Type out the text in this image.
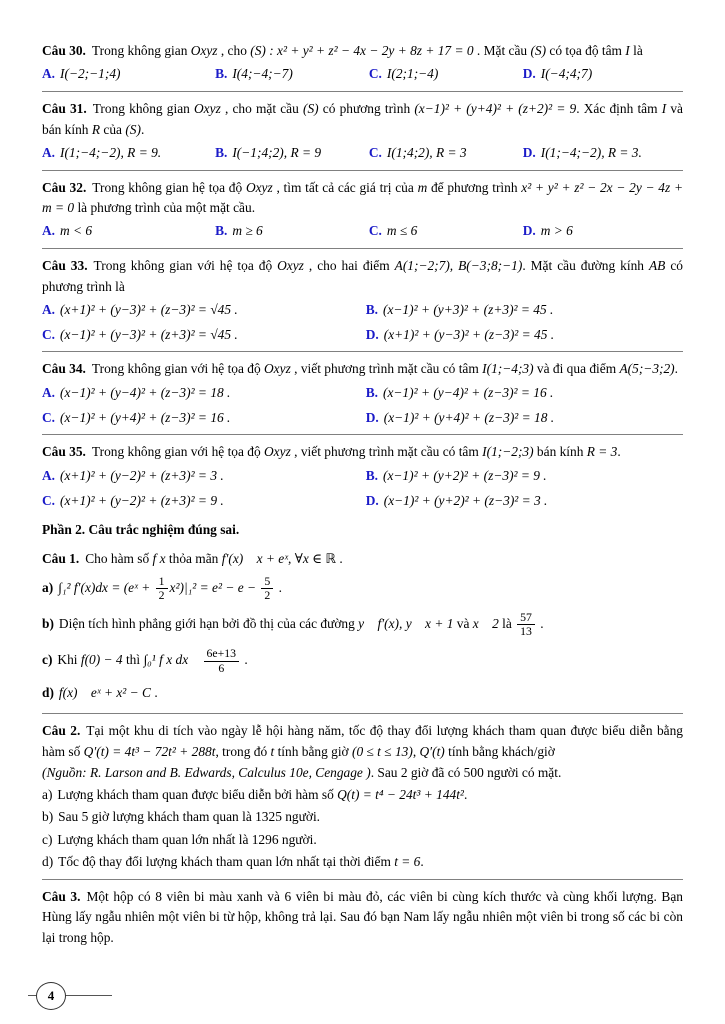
Câu 30. Trong không gian Oxyz , cho (S) : x² + y² + z² − 4x − 2y + 8z + 17 = 0 . Mặt cầu (S) có tọa độ tâm I là

A. I(−2;−1;4)	B. I(4;−4;−7)	C. I(2;1;−4)	D. I(−4;4;7)

Câu 31. Trong không gian Oxyz , cho mặt cầu (S) có phương trình (x−1)² + (y+4)² + (z+2)² = 9. Xác định tâm I và bán kính R của (S).

A. I(1;−4;−2), R = 9.	B. I(−1;4;2), R = 9	C. I(1;4;2), R = 3	D. I(1;−4;−2), R = 3.

Câu 32. Trong không gian hệ tọa độ Oxyz , tìm tất cả các giá trị của m để phương trình x² + y² + z² − 2x − 2y − 4z + m = 0 là phương trình của một mặt cầu.

A. m < 6	B. m ≥ 6	C. m ≤ 6	D. m > 6

Câu 33. Trong không gian với hệ tọa độ Oxyz , cho hai điểm A(1;−2;7), B(−3;8;−1). Mặt cầu đường kính AB có phương trình là

A. (x+1)² + (y−3)² + (z−3)² = √45 .	B. (x−1)² + (y+3)² + (z+3)² = 45 .
C. (x−1)² + (y−3)² + (z+3)² = √45 .	D. (x+1)² + (y−3)² + (z−3)² = 45 .

Câu 34. Trong không gian với hệ tọa độ Oxyz , viết phương trình mặt cầu có tâm I(1;−4;3) và đi qua điểm A(5;−3;2).

A. (x−1)² + (y−4)² + (z−3)² = 18 .	B. (x−1)² + (y−4)² + (z−3)² = 16 .
C. (x−1)² + (y+4)² + (z−3)² = 16 .	D. (x−1)² + (y+4)² + (z−3)² = 18 .

Câu 35. Trong không gian với hệ tọa độ Oxyz , viết phương trình mặt cầu có tâm I(1;−2;3) bán kính R = 3.

A. (x+1)² + (y−2)² + (z+3)² = 3 .	B. (x−1)² + (y+2)² + (z−3)² = 9 .
C. (x+1)² + (y−2)² + (z+3)² = 9 .	D. (x−1)² + (y+2)² + (z−3)² = 3 .

Phần 2. Câu trắc nghiệm đúng sai.

Câu 1. Cho hàm số f x thỏa mãn f′(x)    x + eˣ, ∀x ∈ ℝ .

a) ∫₁² f′(x)dx = (eˣ + $\frac{1}{2} x^2)|_1^2 = e^2 - e - \frac{5}{2}$ .

b) Diện tích hình phẳng giới hạn bởi đồ thị của các đường y    f′(x), y    x + 1 và x    2 là $\frac{57}{13}$ .

c) Khi f(0) − 4 thì ∫₀¹ f x dx $\frac{6e+13}{6}$ .

d) f(x)    eˣ + x² − C .

Câu 2. Tại một khu di tích vào ngày lễ hội hàng năm, tốc độ thay đổi lượng khách tham quan được biểu diễn bằng hàm số Q′(t) = 4t³ − 72t² + 288t, trong đó t tính bằng giờ (0 ≤ t ≤ 13), Q′(t) tính bằng khách/giờ

(Nguồn: R. Larson and B. Edwards, Calculus 10e, Cengage ). Sau 2 giờ đã có 500 người có mặt.

a) Lượng khách tham quan được biểu diễn bởi hàm số Q(t) = t⁴ − 24t³ + 144t².

b) Sau 5 giờ lượng khách tham quan là 1325 người.

c) Lượng khách tham quan lớn nhất là 1296 người.

d) Tốc độ thay đổi lượng khách tham quan lớn nhất tại thời điểm t = 6.

Câu 3. Một hộp có 8 viên bi màu xanh và 6 viên bi màu đỏ, các viên bi cùng kích thước và cùng khối lượng. Bạn Hùng lấy ngẫu nhiên một viên bi từ hộp, không trả lại. Sau đó bạn Nam lấy ngẫu nhiên một viên bi trong số các bi còn lại trong hộp.

4
